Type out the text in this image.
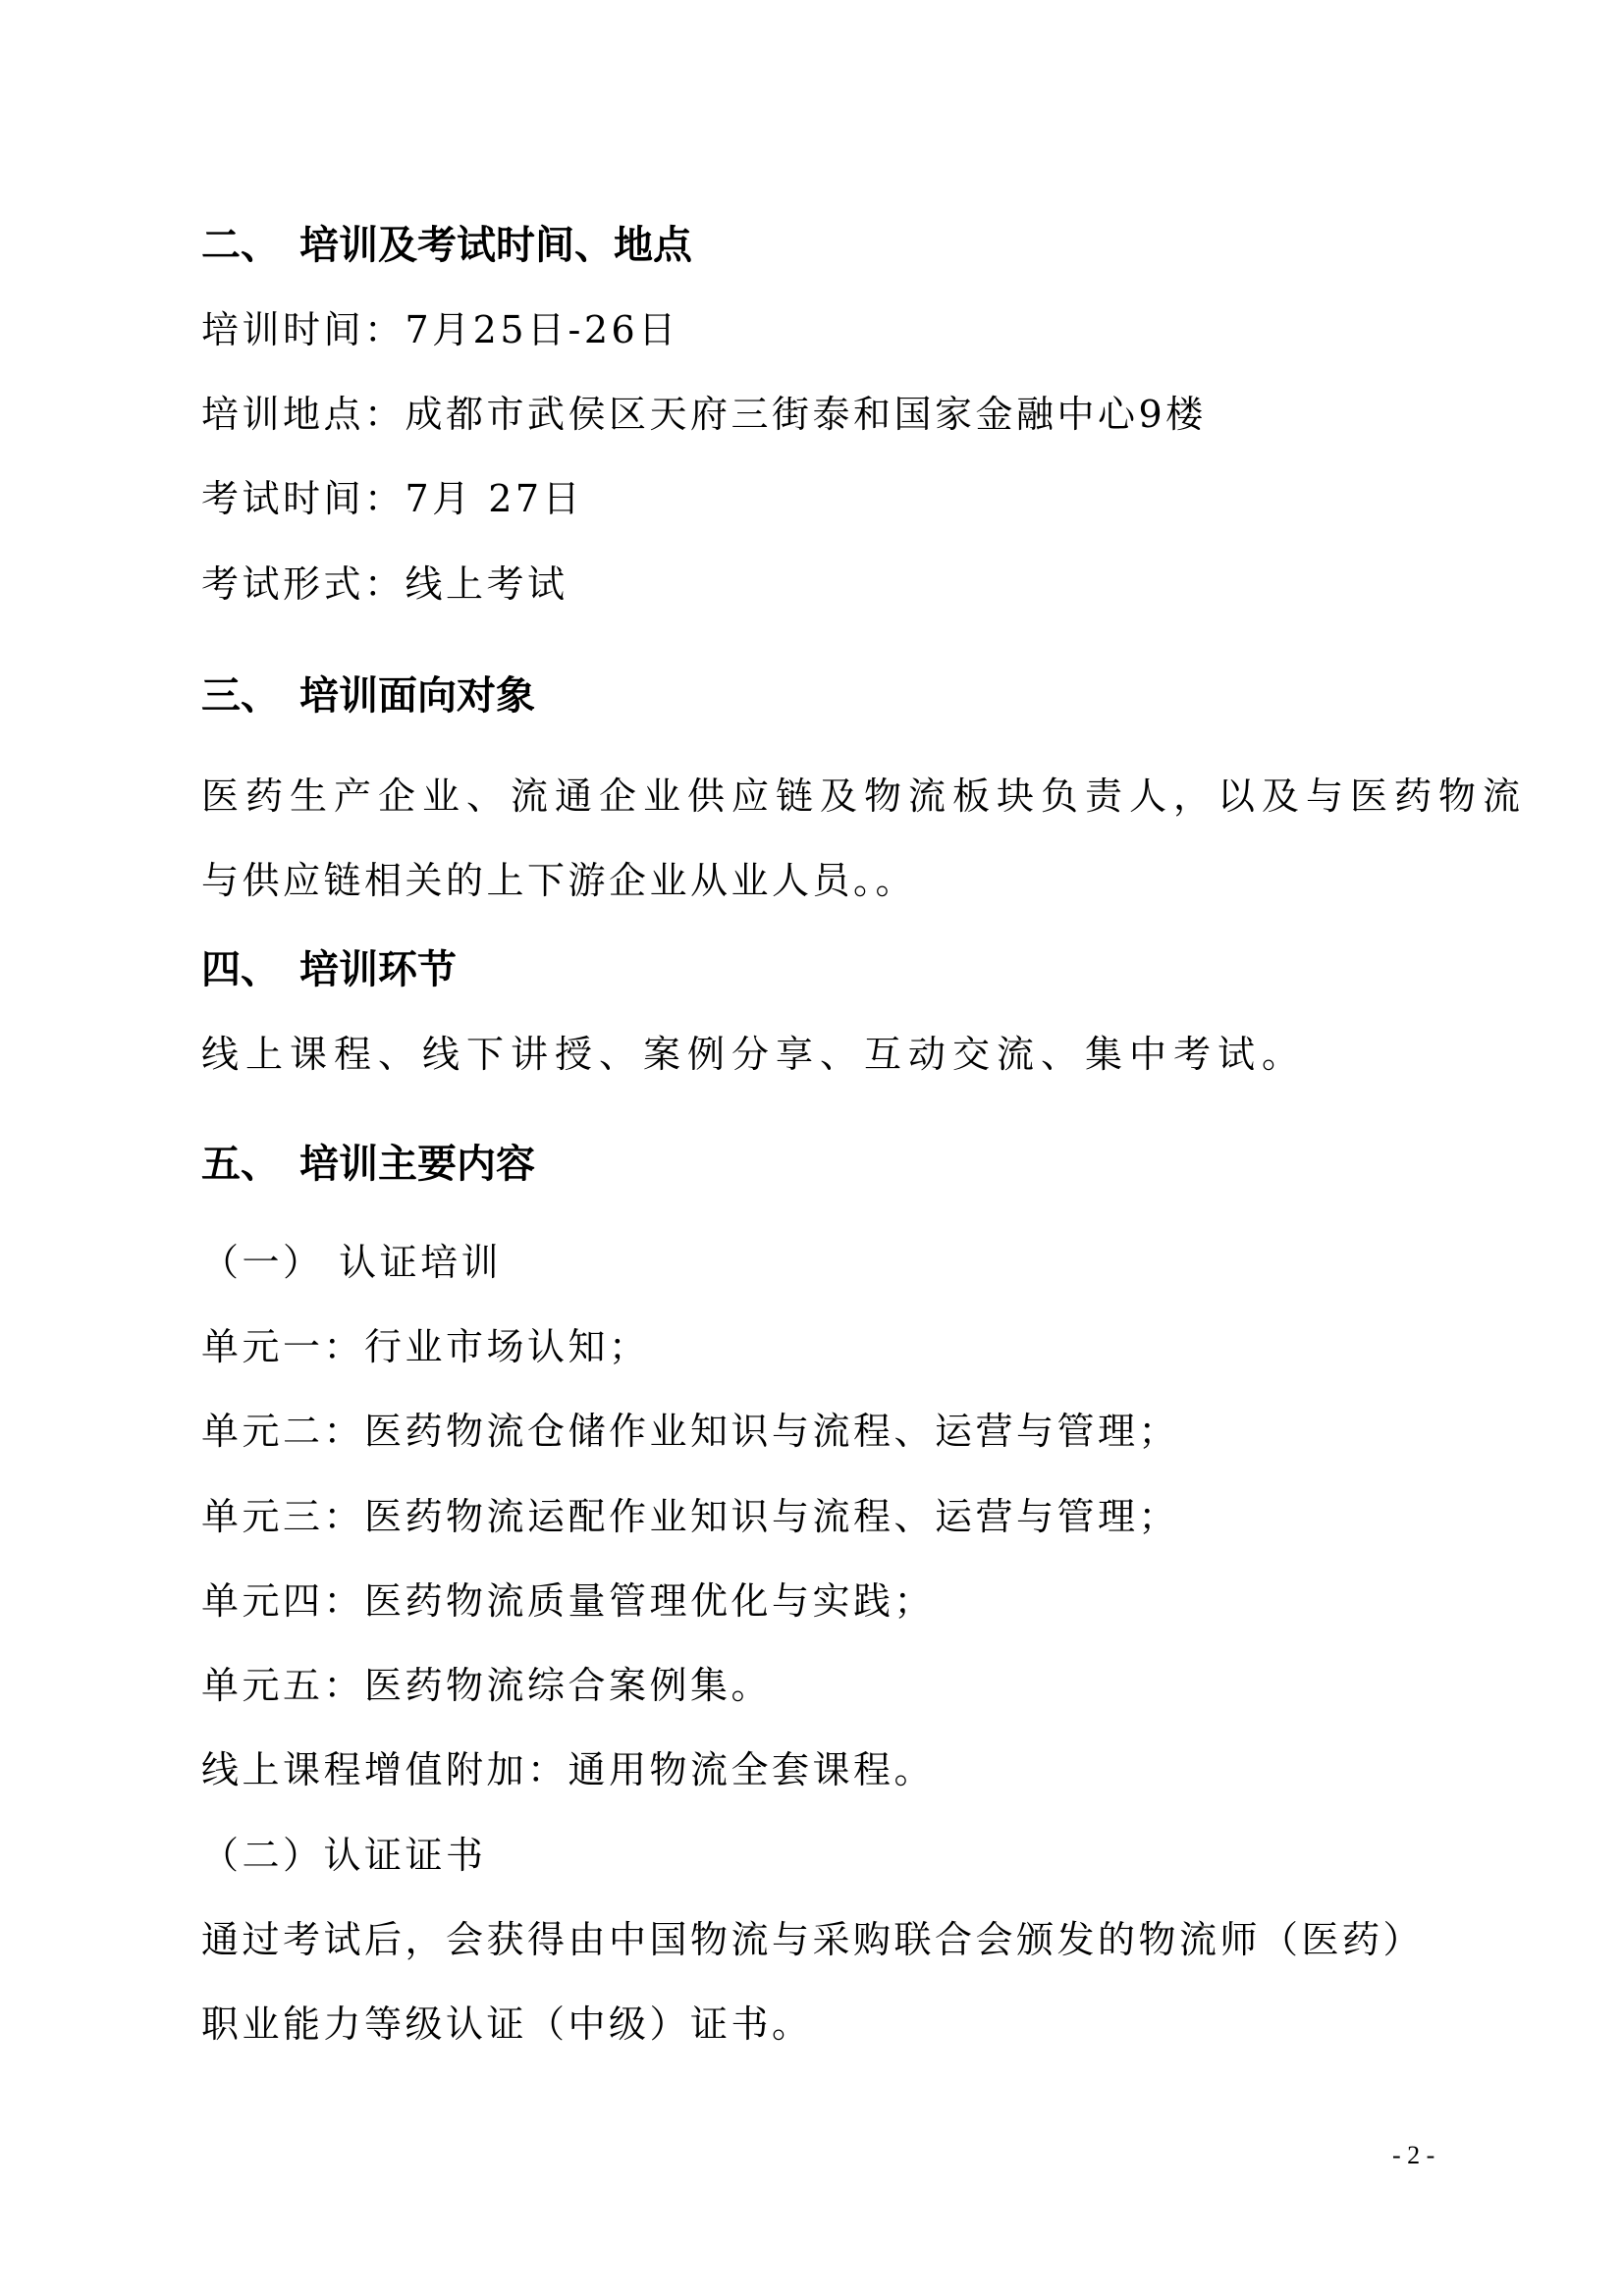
二、 培训及考试时间、地点

培训时间：7月25日-26日

培训地点：成都市武侯区天府三街泰和国家金融中心9楼

考试时间：7月 27日

考试形式：线上考试

三、 培训面向对象

医药生产企业、流通企业供应链及物流板块负责人，以及与医药物流

与供应链相关的上下游企业从业人员。。

四、 培训环节

线上课程、线下讲授、案例分享、互动交流、集中考试。

五、 培训主要内容

（一） 认证培训

单元一：行业市场认知；

单元二：医药物流仓储作业知识与流程、运营与管理；

单元三：医药物流运配作业知识与流程、运营与管理；

单元四：医药物流质量管理优化与实践；

单元五：医药物流综合案例集。

线上课程增值附加：通用物流全套课程。

（二）认证证书

通过考试后，会获得由中国物流与采购联合会颁发的物流师（医药）

职业能力等级认证（中级）证书。

- 2 -
